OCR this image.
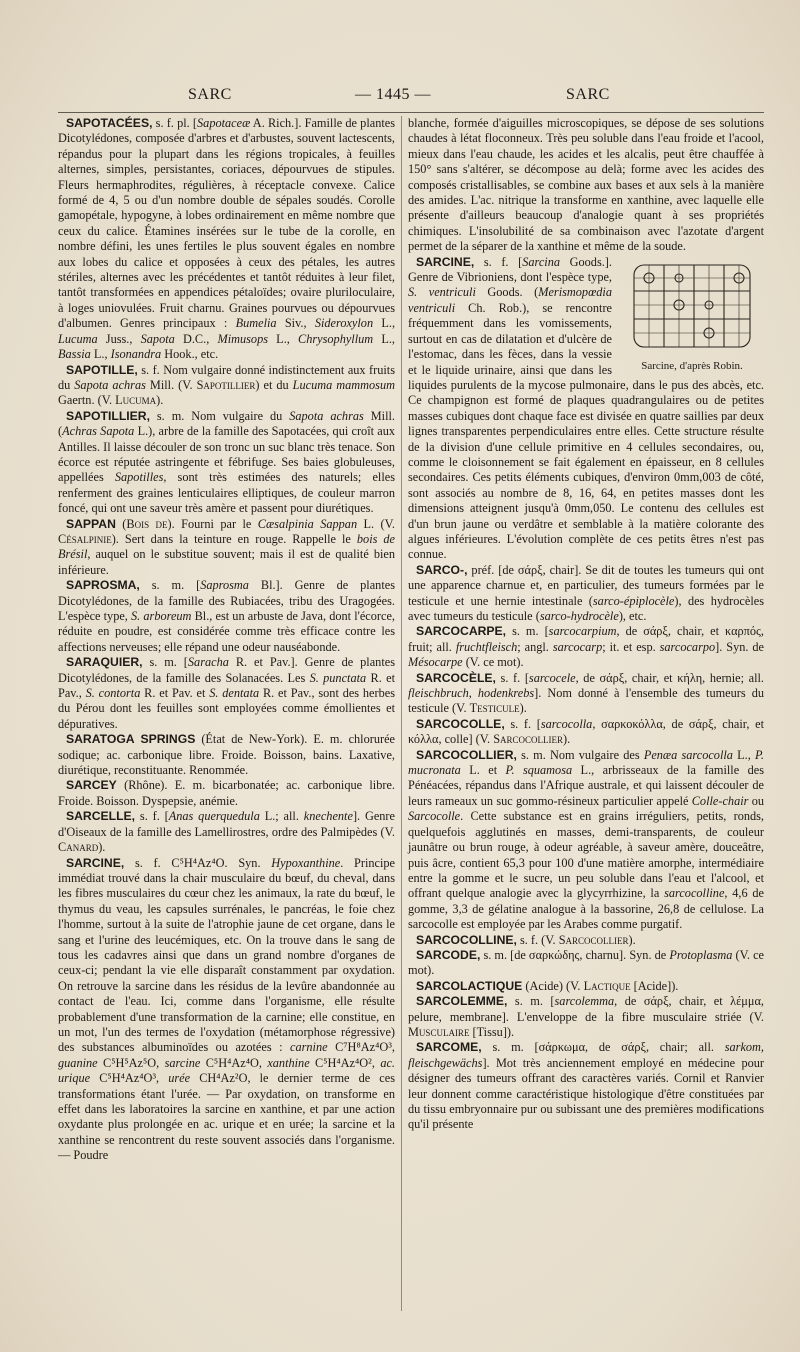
SARC	— 1445 —	SARC

SAPOTACÉES, s. f. pl. [Sapotaceæ A. Rich.]. Famille de plantes Dicotylédones, composée d'arbres et d'arbustes, souvent lactescents, répandus pour la plupart dans les régions tropicales, à feuilles alternes, simples, persistantes, coriaces, dépourvues de stipules. Fleurs hermaphrodites, régulières, à réceptacle convexe. Calice formé de 4, 5 ou d'un nombre double de sépales soudés. Corolle gamopétale, hypogyne, à lobes ordinairement en même nombre que ceux du calice. Étamines insérées sur le tube de la corolle, en nombre défini, les unes fertiles le plus souvent égales en nombre aux lobes du calice et opposées à ceux des pétales, les autres stériles, alternes avec les précédentes et tantôt réduites à leur filet, tantôt transformées en appendices pétaloïdes; ovaire pluriloculaire, à loges uniovulées. Fruit charnu. Graines pourvues ou dépourvues d'albumen. Genres principaux : Bumelia Siv., Sideroxylon L., Lucuma Juss., Sapota D.C., Mimusops L., Chrysophyllum L., Bassia L., Isonandra Hook., etc.

SAPOTILLE, s. f. Nom vulgaire donné indistinctement aux fruits du Sapota achras Mill. (V. Sapotillier) et du Lucuma mammosum Gaertn. (V. Lucuma).

SAPOTILLIER, s. m. Nom vulgaire du Sapota achras Mill. (Achras Sapota L.), arbre de la famille des Sapotacées, qui croît aux Antilles. Il laisse découler de son tronc un suc blanc très tenace. Son écorce est réputée astringente et fébrifuge. Ses baies globuleuses, appellées Sapotilles, sont très estimées des naturels; elles renferment des graines lenticulaires elliptiques, de couleur marron foncé, qui ont une saveur très amère et passent pour diurétiques.

SAPPAN (Bois de). Fourni par le Cæsalpinia Sappan L. (V. Césalpinie). Sert dans la teinture en rouge. Rappelle le bois de Brésil, auquel on le substitue souvent; mais il est de qualité bien inférieure.

SAPROSMA, s. m. [Saprosma Bl.]. Genre de plantes Dicotylédones, de la famille des Rubiacées, tribu des Uragogées. L'espèce type, S. arboreum Bl., est un arbuste de Java, dont l'écorce, réduite en poudre, est considérée comme très efficace contre les affections nerveuses; elle répand une odeur nauséabonde.

SARAQUIER, s. m. [Saracha R. et Pav.]. Genre de plantes Dicotylédones, de la famille des Solanacées. Les S. punctata R. et Pav., S. contorta R. et Pav. et S. dentata R. et Pav., sont des herbes du Pérou dont les feuilles sont employées comme émollientes et dépuratives.

SARATOGA SPRINGS (État de New-York). E. m. chlorurée sodique; ac. carbonique libre. Froide. Boisson, bains. Laxative, diurétique, reconstituante. Renommée.

SARCEY (Rhône). E. m. bicarbonatée; ac. carbonique libre. Froide. Boisson. Dyspepsie, anémie.

SARCELLE, s. f. [Anas querquedula L.; all. knechente]. Genre d'Oiseaux de la famille des Lamellirostres, ordre des Palmipèdes (V. Canard).

SARCINE, s. f. C⁵H⁴Az⁴O. Syn. Hypoxanthine. Principe immédiat trouvé dans la chair musculaire du bœuf, du cheval, dans les fibres musculaires du cœur chez les animaux, la rate du bœuf, le thymus du veau, les capsules surrénales, le pancréas, le foie chez l'homme, surtout à la suite de l'atrophie jaune de cet organe, dans le sang et l'urine des leucémiques, etc. On la trouve dans le sang de tous les cadavres ainsi que dans un grand nombre d'organes de ceux-ci; pendant la vie elle disparaît constamment par oxydation. On retrouve la sarcine dans les résidus de la levûre abandonnée au contact de l'eau. Ici, comme dans l'organisme, elle résulte probablement d'une transformation de la carnine; elle constitue, en un mot, l'un des termes de l'oxydation (métamorphose régressive) des substances albuminoïdes ou azotées : carnine C⁷H⁸Az⁴O³, guanine C⁵H⁵Az⁵O, sarcine C⁵H⁴Az⁴O, xanthine C⁵H⁴Az⁴O², ac. urique C⁵H⁴Az⁴O³, urée CH⁴Az²O, le dernier terme de ces transformations étant l'urée. — Par oxydation, on transforme en effet dans les laboratoires la sarcine en xanthine, et par une action oxydante plus prolongée en ac. urique et en urée; la sarcine et la xanthine se rencontrent du reste souvent associés dans l'organisme. — Poudre

blanche, formée d'aiguilles microscopiques, se dépose de ses solutions chaudes à létat floconneux. Très peu soluble dans l'eau froide et l'acool, mieux dans l'eau chaude, les acides et les alcalis, peut être chauffée à 150° sans s'altérer, se décompose au delà; forme avec les acides des composés cristallisables, se combine aux bases et aux sels à la manière des amides. L'ac. nitrique la transforme en xanthine, avec laquelle elle présente d'ailleurs beaucoup d'analogie quant à ses propriétés chimiques. L'insolubilité de sa combinaison avec l'azotate d'argent permet de la séparer de la xanthine et même de la soude.

SARCINE, s. f. [Sarcina
Sarcine, d'après Robin.
Goods.]. Genre de Vibrioniens, dont l'espèce type, S. ventriculi Goods. (Merismopœdia ventriculi Ch. Rob.), se rencontre fréquemment dans les vomissements, surtout en cas de dilatation et d'ulcère de l'estomac, dans les fèces, dans la vessie et le liquide urinaire, ainsi que dans les liquides purulents de la mycose pulmonaire, dans le pus des abcès, etc. Ce champignon est formé de plaques quadrangulaires ou de petites masses cubiques dont chaque face est divisée en quatre saillies par deux lignes transparentes perpendiculaires entre elles. Cette structure résulte de la division d'une cellule primitive en 4 cellules secondaires, ou, comme le cloisonnement se fait également en épaisseur, en 8 cellules secondaires. Ces petits éléments cubiques, d'environ 0mm,003 de côté, sont associés au nombre de 8, 16, 64, en petites masses dont les dimensions atteignent jusqu'à 0mm,050. Le contenu des cellules est d'un brun jaune ou verdâtre et semblable à la matière colorante des algues inférieures. L'évolution complète de ces petits êtres n'est pas connue.

SARCO-, préf. [de σάρξ, chair]. Se dit de toutes les tumeurs qui ont une apparence charnue et, en particulier, des tumeurs formées par le testicule et une hernie intestinale (sarco-épiplocèle), des hydrocèles avec tumeurs du testicule (sarco-hydrocèle), etc.

SARCOCARPE, s. m. [sarcocarpium, de σάρξ, chair, et καρπός, fruit; all. fruchtfleisch; angl. sarcocarp; it. et esp. sarcocarpo]. Syn. de Mésocarpe (V. ce mot).

SARCOCÈLE, s. f. [sarcocele, de σάρξ, chair, et κήλη, hernie; all. fleischbruch, hodenkrebs]. Nom donné à l'ensemble des tumeurs du testicule (V. Testicule).

SARCOCOLLE, s. f. [sarcocolla, σαρκοκόλλα, de σάρξ, chair, et κόλλα, colle] (V. Sarcocollier).

SARCOCOLLIER, s. m. Nom vulgaire des Penæa sarcocolla L., P. mucronata L. et P. squamosa L., arbrisseaux de la famille des Pénéacées, répandus dans l'Afrique australe, et qui laissent découler de leurs rameaux un suc gommo-résineux particulier appelé Colle-chair ou Sarcocolle. Cette substance est en grains irréguliers, petits, ronds, quelquefois agglutinés en masses, demi-transparents, de couleur jaunâtre ou brun rouge, à odeur agréable, à saveur amère, douceâtre, puis âcre, contient 65,3 pour 100 d'une matière amorphe, intermédiaire entre la gomme et le sucre, un peu soluble dans l'eau et l'alcool, et offrant quelque analogie avec la glycyrrhizine, la sarcocolline, 4,6 de gomme, 3,3 de gélatine analogue à la bassorine, 26,8 de cellulose. La sarcocolle est employée par les Arabes comme purgatif.

SARCOCOLLINE, s. f. (V. Sarcocollier).

SARCODE, s. m. [de σαρκώδης, charnu]. Syn. de Protoplasma (V. ce mot).

SARCOLACTIQUE (Acide) (V. Lactique [Acide]).

SARCOLEMME, s. m. [sarcolemma, de σάρξ, chair, et λέμμα, pelure, membrane]. L'enveloppe de la fibre musculaire striée (V. Musculaire [Tissu]).

SARCOME, s. m. [σάρκωμα, de σάρξ, chair; all. sarkom, fleischgewächs]. Mot très anciennement employé en médecine pour désigner des tumeurs offrant des caractères variés. Cornil et Ranvier leur donnent comme caractéristique histologique d'être constituées par du tissu embryonnaire pur ou subissant une des premières modifications qu'il présente
